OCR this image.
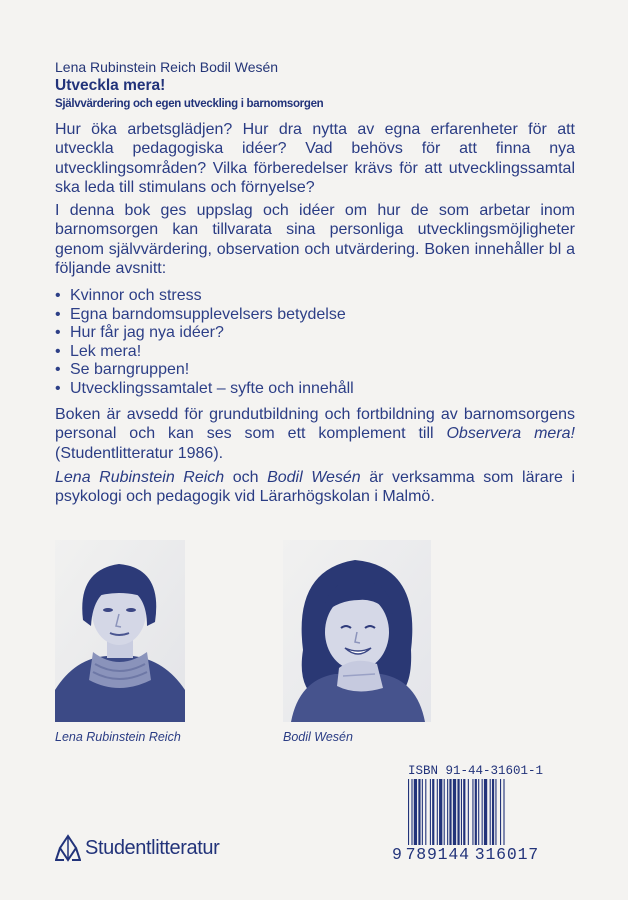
Lena Rubinstein Reich Bodil Wesén
Utveckla mera!
Självvärdering och egen utveckling i barnomsorgen

Hur öka arbetsglädjen? Hur dra nytta av egna erfarenheter för att utveckla pedagogiska idéer? Vad behövs för att finna nya utvecklingsområden? Vilka förberedelser krävs för att utvecklingssamtal ska leda till stimulans och förnyelse?

I denna bok ges uppslag och idéer om hur de som arbetar inom barnomsorgen kan tillvarata sina personliga utvecklingsmöjligheter genom självvärdering, observation och utvärdering. Boken innehåller bl a följande avsnitt:

• Kvinnor och stress
• Egna barndomsupplevelsers betydelse
• Hur får jag nya idéer?
• Lek mera!
• Se barngruppen!
• Utvecklingssamtalet – syfte och innehåll

Boken är avsedd för grundutbildning och fortbildning av barnomsorgens personal och kan ses som ett komplement till Observera mera! (Studentlitteratur 1986).

Lena Rubinstein Reich och Bodil Wesén är verksamma som lärare i psykologi och pedagogik vid Lärarhögskolan i Malmö.

Lena Rubinstein Reich	Bodil Wesén
Studentlitteratur
ISBN 91-44-31601-1
9 789144 316017
